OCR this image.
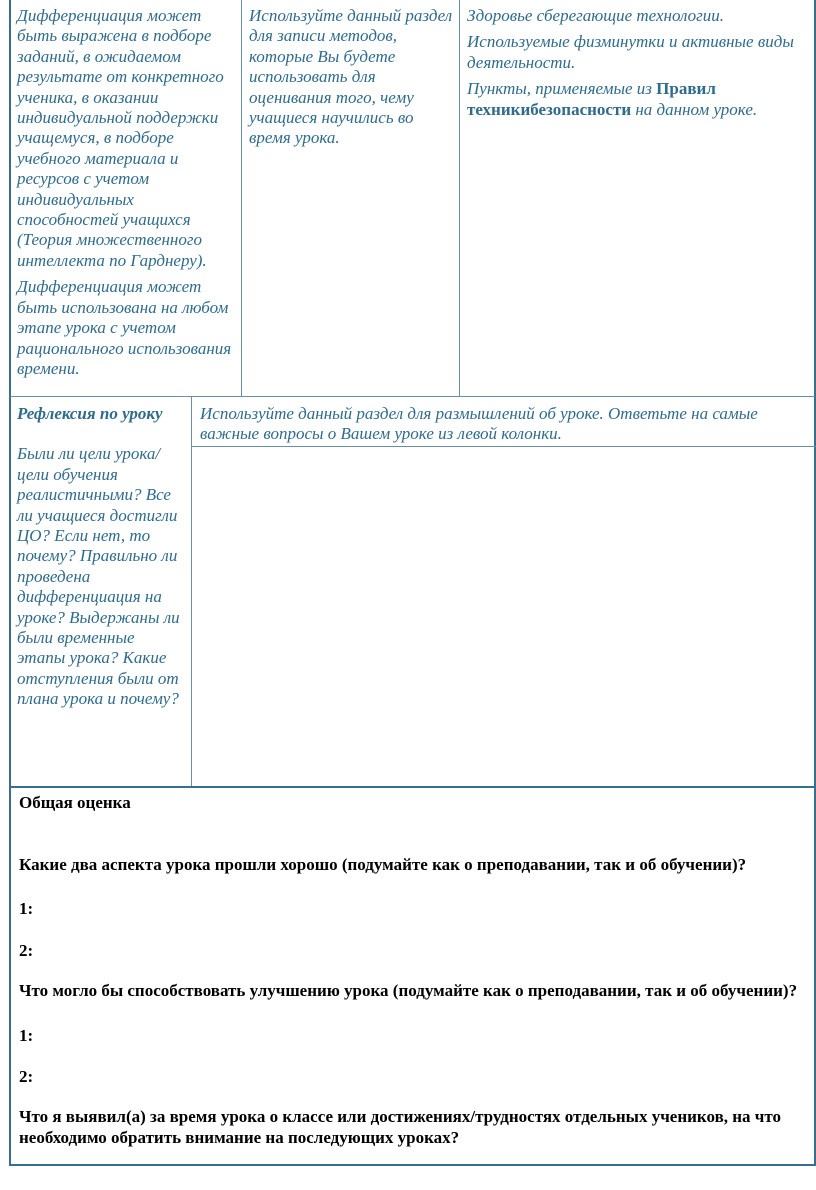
Дифференциация может быть выражена в подборе заданий, в ожидаемом результате от конкретного ученика, в оказании индивидуальной поддержки учащемуся, в подборе учебного материала и ресурсов с учетом индивидуальных способностей учащихся (Теория множественного интеллекта по Гарднеру).

Дифференциация может быть использована на любом этапе урока с учетом рационального использования времени.

Используйте данный раздел для записи методов, которые Вы будете использовать для оценивания того, чему учащиеся научились во время урока.

Здоровье сберегающие технологии.

Используемые физминутки и активные виды деятельности.

Пункты, применяемые из Правил техникибезопасности на данном уроке.

Рефлексия по уроку
Были ли цели урока/цели обучения реалистичными? Все ли учащиеся достигли ЦО? Если нет, то почему? Правильно ли проведена дифференциация на уроке? Выдержаны ли были временные этапы урока? Какие отступления были от плана урока и почему?
Используйте данный раздел для размышлений об уроке. Ответьте на самые важные вопросы о Вашем уроке из левой колонки.
Общая оценка
Какие два аспекта урока прошли хорошо (подумайте как о преподавании, так и об обучении)?
1:
2:
Что могло бы способствовать улучшению урока (подумайте как о преподавании, так и об обучении)?
1:
2:
Что я выявил(а) за время урока о классе или достижениях/трудностях отдельных учеников, на что необходимо обратить внимание на последующих уроках?
